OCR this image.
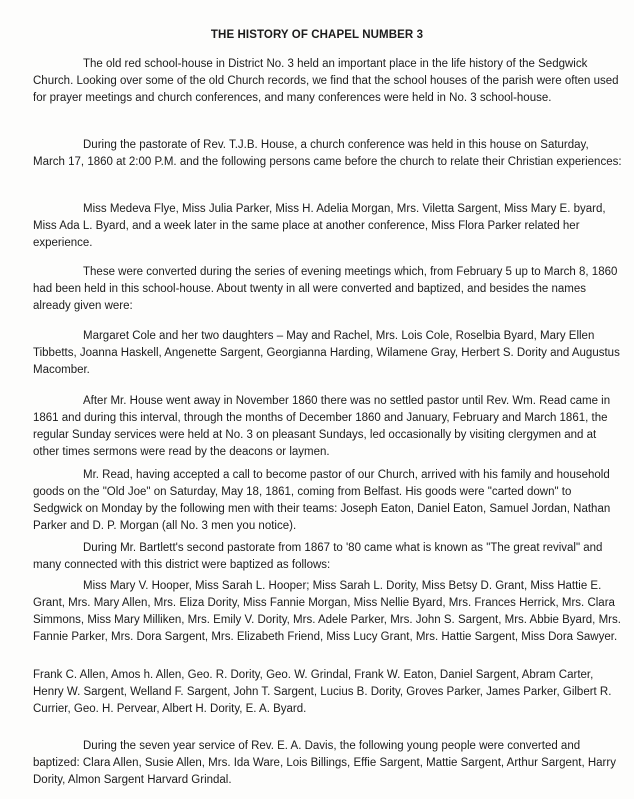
THE HISTORY OF CHAPEL NUMBER 3

The old red school-house in District No. 3 held an important place in the life history of the Sedgwick Church. Looking over some of the old Church records, we find that the school houses of the parish were often used for prayer meetings and church conferences, and many conferences were held in No. 3 school-house.

During the pastorate of Rev. T.J.B. House, a church conference was held in this house on Saturday, March 17, 1860 at 2:00 P.M. and the following persons came before the church to relate their Christian experiences:

Miss Medeva Flye, Miss Julia Parker, Miss H. Adelia Morgan, Mrs. Viletta Sargent, Miss Mary E. byard, Miss Ada L. Byard, and a week later in the same place at another conference, Miss Flora Parker related her experience.

These were converted during the series of evening meetings which, from February 5 up to March 8, 1860 had been held in this school-house. About twenty in all were converted and baptized, and besides the names already given were:

Margaret Cole and her two daughters – May and Rachel, Mrs. Lois Cole, Roselbia Byard, Mary Ellen Tibbetts, Joanna Haskell, Angenette Sargent, Georgianna Harding, Wilamene Gray, Herbert S. Dority and Augustus Macomber.

After Mr. House went away in November 1860 there was no settled pastor until Rev. Wm. Read came in 1861 and during this interval, through the months of December 1860 and January, February and March 1861, the regular Sunday services were held at No. 3 on pleasant Sundays, led occasionally by visiting clergymen and at other times sermons were read by the deacons or laymen.

Mr. Read, having accepted a call to become pastor of our Church, arrived with his family and household goods on the "Old Joe" on Saturday, May 18, 1861, coming from Belfast. His goods were "carted down" to Sedgwick on Monday by the following men with their teams: Joseph Eaton, Daniel Eaton, Samuel Jordan, Nathan Parker and D. P. Morgan (all No. 3 men you notice).

During Mr. Bartlett's second pastorate from 1867 to '80 came what is known as "The great revival" and many connected with this district were baptized as follows:

Miss Mary V. Hooper, Miss Sarah L. Hooper; Miss Sarah L. Dority, Miss Betsy D. Grant, Miss Hattie E. Grant, Mrs. Mary Allen, Mrs. Eliza Dority, Miss Fannie Morgan, Miss Nellie Byard, Mrs. Frances Herrick, Mrs. Clara Simmons, Miss Mary Milliken, Mrs. Emily V. Dority, Mrs. Adele Parker, Mrs. John S. Sargent, Mrs. Abbie Byard, Mrs. Fannie Parker, Mrs. Dora Sargent, Mrs. Elizabeth Friend, Miss Lucy Grant, Mrs. Hattie Sargent, Miss Dora Sawyer.

Frank C. Allen, Amos h. Allen, Geo. R. Dority, Geo. W. Grindal, Frank W. Eaton, Daniel Sargent, Abram Carter, Henry W. Sargent, Welland F. Sargent, John T. Sargent, Lucius B. Dority, Groves Parker, James Parker, Gilbert R. Currier, Geo. H. Pervear, Albert H. Dority, E. A. Byard.

During the seven year service of Rev. E. A. Davis, the following young people were converted and baptized: Clara Allen, Susie Allen, Mrs. Ida Ware, Lois Billings, Effie Sargent, Mattie Sargent, Arthur Sargent, Harry Dority, Almon Sargent Harvard Grindal.
